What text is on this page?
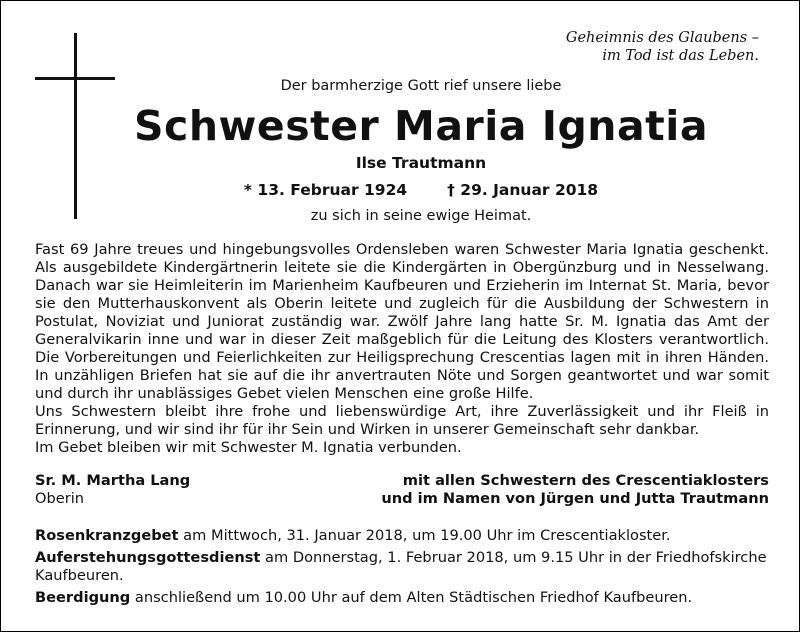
Geheimnis des Glaubens –
im Tod ist das Leben.
Der barmherzige Gott rief unsere liebe
Schwester Maria Ignatia
Ilse Trautmann
* 13. Februar 1924	† 29. Januar 2018
zu sich in seine ewige Heimat.

Fast 69 Jahre treues und hingebungsvolles Ordensleben waren Schwester Maria Ignatia geschenkt. Als ausgebildete Kindergärtnerin leitete sie die Kindergärten in Obergünzburg und in Nesselwang. Danach war sie Heimleiterin im Marienheim Kaufbeuren und Erzieherin im Internat St. Maria, bevor sie den Mutterhauskonvent als Oberin leitete und zugleich für die Ausbildung der Schwestern in Postulat, Noviziat und Juniorat zuständig war. Zwölf Jahre lang hatte Sr. M. Ignatia das Amt der Generalvikarin inne und war in dieser Zeit maßgeblich für die Leitung des Klosters verantwortlich. Die Vorbereitungen und Feierlichkeiten zur Heiligsprechung Crescentias lagen mit in ihren Händen. In unzähligen Briefen hat sie auf die ihr anvertrauten Nöte und Sorgen geantwortet und war somit und durch ihr unablässiges Gebet vielen Menschen eine große Hilfe.

Uns Schwestern bleibt ihre frohe und liebenswürdige Art, ihre Zuverlässigkeit und ihr Fleiß in Erinnerung, und wir sind ihr für ihr Sein und Wirken in unserer Gemeinschaft sehr dankbar.

Im Gebet bleiben wir mit Schwester M. Ignatia verbunden.

Sr. M. Martha Lang
Oberin
mit allen Schwestern des Crescentiaklosters
und im Namen von Jürgen und Jutta Trautmann

Rosenkranzgebet am Mittwoch, 31. Januar 2018, um 19.00 Uhr im Crescentiakloster.

Auferstehungsgottesdienst am Donnerstag, 1. Februar 2018, um 9.15 Uhr in der Friedhofskirche Kaufbeuren.

Beerdigung anschließend um 10.00 Uhr auf dem Alten Städtischen Friedhof Kaufbeuren.
